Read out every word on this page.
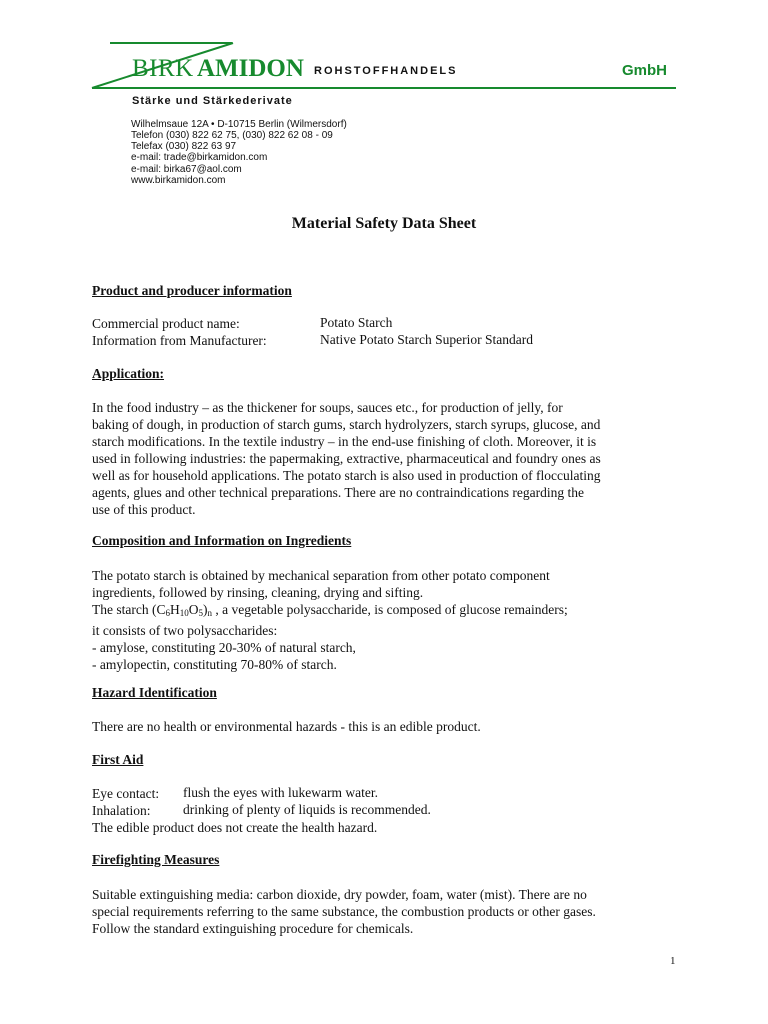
BIRK AMIDON ROHSTOFFHANDELS	GmbH
Stärke und Stärkederivate
Wilhelmsaue 12A • D-10715 Berlin (Wilmersdorf)
Telefon (030) 822 62 75, (030) 822 62 08 - 09
Telefax (030) 822 63 97
e-mail: trade@birkamidon.com
e-mail: birka67@aol.com
www.birkamidon.com
Material Safety Data Sheet
Product and producer information
Commercial product name:	Potato Starch
Information from Manufacturer:	Native Potato Starch Superior Standard
Application:
In the food industry – as the thickener for soups, sauces etc., for production of jelly, for
baking of dough, in production of starch gums, starch hydrolyzers, starch syrups, glucose, and
starch modifications. In the textile industry – in the end-use finishing of cloth. Moreover, it is
used in following industries: the papermaking, extractive, pharmaceutical and foundry ones as
well as for household applications. The potato starch is also used in production of flocculating
agents, glues and other technical preparations. There are no contraindications regarding the
use of this product.
Composition and Information on Ingredients
The potato starch is obtained by mechanical separation from other potato component
ingredients, followed by rinsing, cleaning, drying and sifting.
The starch $(C_6H_{10}O_5)_n$ , a vegetable polysaccharide, is composed of glucose remainders;
it consists of two polysaccharides:
- amylose, constituting 20-30% of natural starch,
- amylopectin, constituting 70-80% of starch.
Hazard Identification
There are no health or environmental hazards - this is an edible product.
First Aid
Eye contact: flush the eyes with lukewarm water.
Inhalation: drinking of plenty of liquids is recommended.
The edible product does not create the health hazard.
Firefighting Measures
Suitable extinguishing media: carbon dioxide, dry powder, foam, water (mist). There are no
special requirements referring to the same substance, the combustion products or other gases.
Follow the standard extinguishing procedure for chemicals.
1
